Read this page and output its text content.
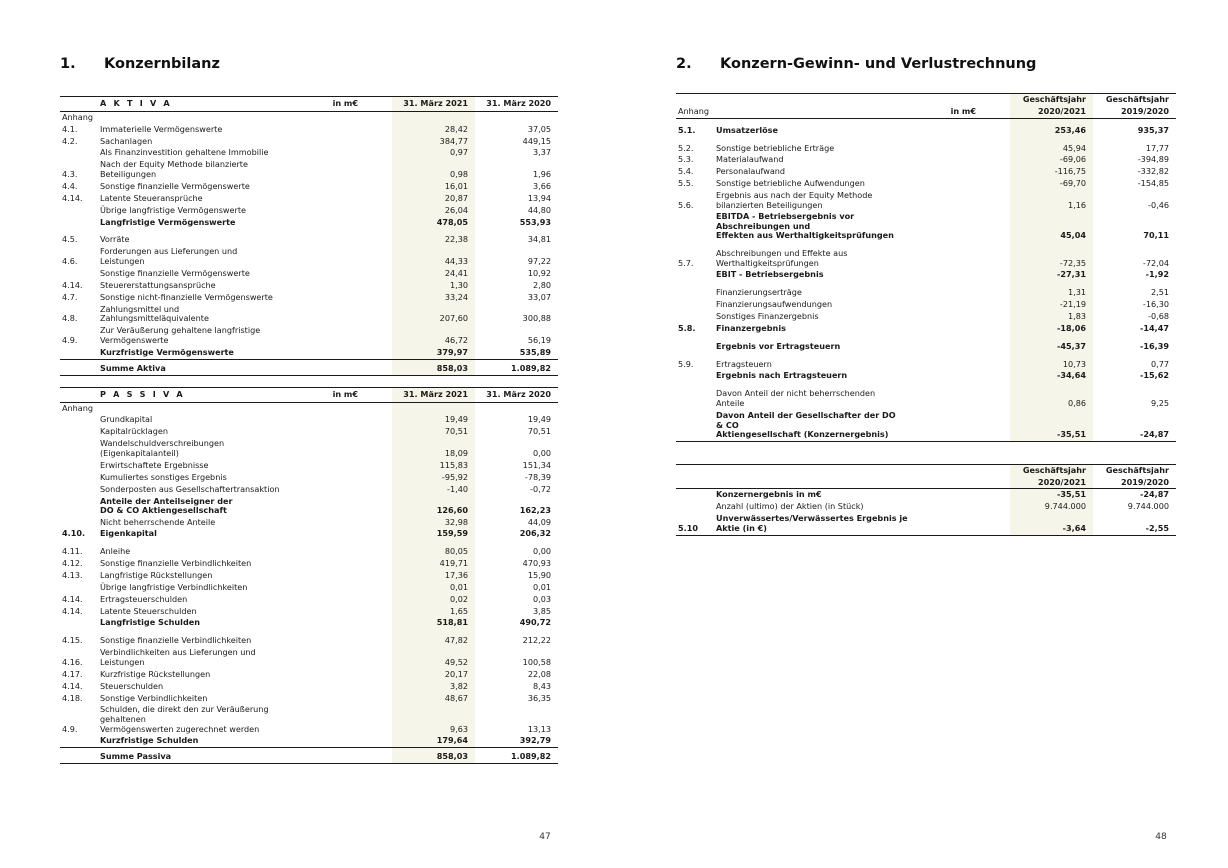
1.	Konzernbilanz
	A K T I V A	in m€	31. März 2021	31. März 2020
Anhang				
4.1.	Immaterielle Vermögenswerte		28,42	37,05
4.2.	Sachanlagen		384,77	449,15
	Als Finanzinvestition gehaltene Immobilie		0,97	3,37
4.3.	Nach der Equity Methode bilanzierte Beteiligungen		0,98	1,96
4.4.	Sonstige finanzielle Vermögenswerte		16,01	3,66
4.14.	Latente Steueransprüche		20,87	13,94
	Übrige langfristige Vermögenswerte		26,04	44,80
	Langfristige Vermögenswerte		478,05	553,93

4.5.	Vorräte		22,38	34,81
4.6.	Forderungen aus Lieferungen und Leistungen		44,33	97,22
	Sonstige finanzielle Vermögenswerte		24,41	10,92
4.14.	Steuererstattungsansprüche		1,30	2,80
4.7.	Sonstige nicht-finanzielle Vermögenswerte		33,24	33,07
4.8.	Zahlungsmittel und Zahlungsmitteläquivalente		207,60	300,88
4.9.	Zur Veräußerung gehaltene langfristige Vermögenswerte		46,72	56,19
	Kurzfristige Vermögenswerte		379,97	535,89

	Summe Aktiva		858,03	1.089,82
	P A S S I V A	in m€	31. März 2021	31. März 2020
Anhang				
	Grundkapital		19,49	19,49
	Kapitalrücklagen		70,51	70,51
	Wandelschuldverschreibungen (Eigenkapitalanteil)		18,09	0,00
	Erwirtschaftete Ergebnisse		115,83	151,34
	Kumuliertes sonstiges Ergebnis		-95,92	-78,39
	Sonderposten aus Gesellschaftertransaktion		-1,40	-0,72
	Anteile der Anteilseigner der
DO & CO Aktiengesellschaft		126,60	162,23
	Nicht beherrschende Anteile		32,98	44,09
4.10.	Eigenkapital		159,59	206,32

4.11.	Anleihe		80,05	0,00
4.12.	Sonstige finanzielle Verbindlichkeiten		419,71	470,93
4.13.	Langfristige Rückstellungen		17,36	15,90
	Übrige langfristige Verbindlichkeiten		0,01	0,01
4.14.	Ertragsteuerschulden		0,02	0,03
4.14.	Latente Steuerschulden		1,65	3,85
	Langfristige Schulden		518,81	490,72

4.15.	Sonstige finanzielle Verbindlichkeiten		47,82	212,22
4.16.	Verbindlichkeiten aus Lieferungen und Leistungen		49,52	100,58
4.17.	Kurzfristige Rückstellungen		20,17	22,08
4.14.	Steuerschulden		3,82	8,43
4.18.	Sonstige Verbindlichkeiten		48,67	36,35
4.9.	Schulden, die direkt den zur Veräußerung gehaltenen
Vermögenswerten zugerechnet werden		9,63	13,13
	Kurzfristige Schulden		179,64	392,79

	Summe Passiva		858,03	1.089,82
47
2.	Konzern-Gewinn- und Verlustrechnung
			Geschäftsjahr	Geschäftsjahr
Anhang		in m€	2020/2021	2019/2020

5.1.	Umsatzerlöse		253,46	935,37

5.2.	Sonstige betriebliche Erträge		45,94	17,77
5.3.	Materialaufwand		-69,06	-394,89
5.4.	Personalaufwand		-116,75	-332,82
5.5.	Sonstige betriebliche Aufwendungen		-69,70	-154,85
5.6.	Ergebnis aus nach der Equity Methode
bilanzierten Beteiligungen		1,16	-0,46
	EBITDA - Betriebsergebnis vor Abschreibungen und
Effekten aus Werthaltigkeitsprüfungen		45,04	70,11

5.7.	Abschreibungen und Effekte aus Werthaltigkeitsprüfungen		-72,35	-72,04
	EBIT - Betriebsergebnis		-27,31	-1,92

	Finanzierungserträge		1,31	2,51
	Finanzierungsaufwendungen		-21,19	-16,30
	Sonstiges Finanzergebnis		1,83	-0,68
5.8.	Finanzergebnis		-18,06	-14,47

	Ergebnis vor Ertragsteuern		-45,37	-16,39

5.9.	Ertragsteuern		10,73	0,77
	Ergebnis nach Ertragsteuern		-34,64	-15,62

	Davon Anteil der nicht beherrschenden Anteile		0,86	9,25
	Davon Anteil der Gesellschafter der DO & CO
Aktiengesellschaft (Konzernergebnis)		-35,51	-24,87
			Geschäftsjahr	Geschäftsjahr
			2020/2021	2019/2020
	Konzernergebnis in m€		-35,51	-24,87
	Anzahl (ultimo) der Aktien (in Stück)		9.744.000	9.744.000
5.10	Unverwässertes/Verwässertes Ergebnis je Aktie (in €)		-3,64	-2,55
48
